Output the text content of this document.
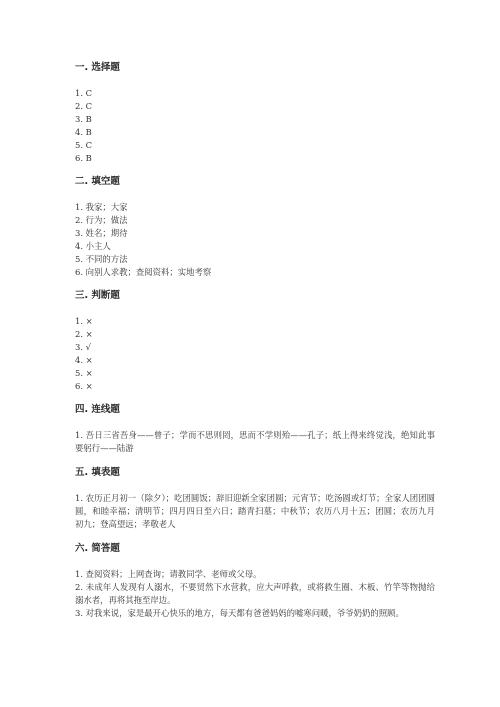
一. 选择题
1. C
2. C
3. B
4. B
5. C
6. B
二. 填空题
1. 我家；大家
2. 行为；做法
3. 姓名；期待
4. 小主人
5. 不同的方法
6. 向别人求教；查阅资料；实地考察
三. 判断题
1. ×
2. ×
3. √
4. ×
5. ×
6. ×
四. 连线题
1. 吾日三省吾身——曾子；学而不思则罔，思而不学则殆——孔子；纸上得来终觉浅，绝知此事要躬行——陆游
五. 填表题
1. 农历正月初一（除夕）；吃团圆饭；辞旧迎新全家团圆；元宵节；吃汤圆或灯节；全家人团团圆圆，和睦幸福；清明节；四月四日至六日；踏青扫墓；中秋节；农历八月十五；团圆；农历九月初九；登高望远；孝敬老人
六. 简答题
1. 查阅资料；上网查询；请教同学、老师或父母。
2. 未成年人发现有人溺水，不要贸然下水营救，应大声呼救，或将救生圈、木板、竹竿等物抛给溺水者，再将其拖至岸边。
3. 对我来说，家是最开心快乐的地方，每天都有爸爸妈妈的嘘寒问暖，爷爷奶奶的照顾。
